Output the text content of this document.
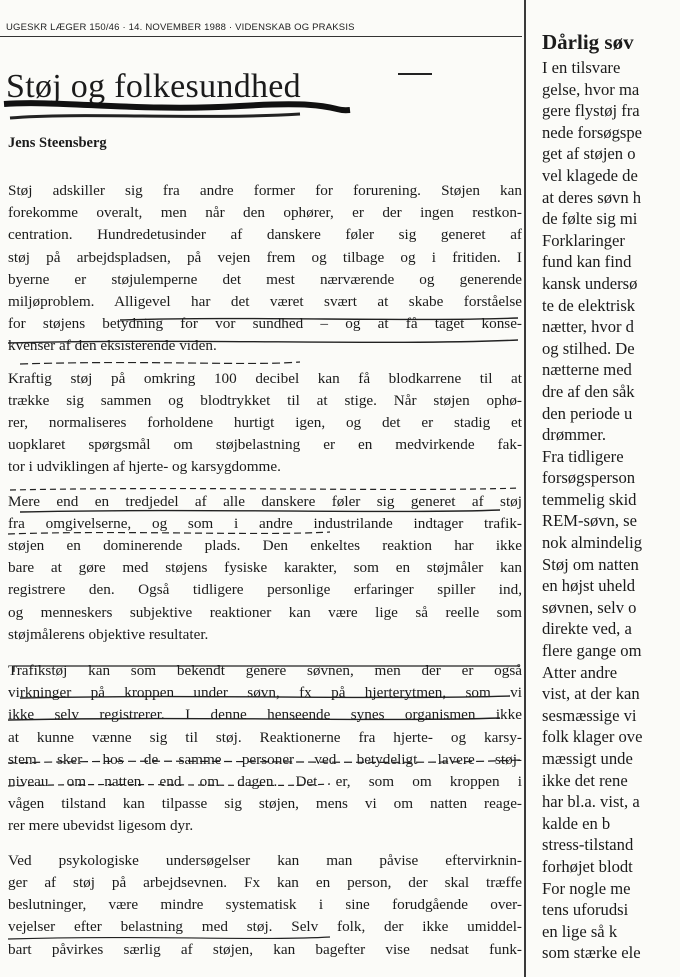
UGESKR LÆGER 150/46 · 14. NOVEMBER 1988 · VIDENSKAB OG PRAKSIS
Støj og folkesundhed
Jens Steensberg
Støj adskiller sig fra andre former for forurening. Støjen kan
forekomme overalt, men når den ophører, er der ingen restkon-
centration. Hundredetusinder af danskere føler sig generet af
støj på arbejdspladsen, på vejen frem og tilbage og i fritiden. I
byerne er støjulemperne det mest nærværende og generende
miljøproblem. Alligevel har det været svært at skabe forståelse
for støjens betydning for vor sundhed – og at få taget konse-
kvenser af den eksisterende viden.
Kraftig støj på omkring 100 decibel kan få blodkarrene til at
trække sig sammen og blodtrykket til at stige. Når støjen ophø-
rer, normaliseres forholdene hurtigt igen, og det er stadig et
uopklaret spørgsmål om støjbelastning er en medvirkende fak-
tor i udviklingen af hjerte- og karsygdomme.
Mere end en tredjedel af alle danskere føler sig generet af støj
fra omgivelserne, og som i andre industrilande indtager trafik-
støjen en dominerende plads. Den enkeltes reaktion har ikke
bare at gøre med støjens fysiske karakter, som en støjmåler kan
registrere den. Også tidligere personlige erfaringer spiller ind,
og menneskers subjektive reaktioner kan være lige så reelle som
støjmålerens objektive resultater.
Trafikstøj kan som bekendt genere søvnen, men der er også
virkninger på kroppen under søvn, fx på hjerterytmen, som vi
ikke selv registrerer. I denne henseende synes organismen ikke
at kunne vænne sig til støj. Reaktionerne fra hjerte- og karsy-
stem sker hos de samme personer ved betydeligt lavere støj-
niveau om natten end om dagen. Det er, som om kroppen i
vågen tilstand kan tilpasse sig støjen, mens vi om natten reage-
rer mere ubevidst ligesom dyr.
Ved psykologiske undersøgelser kan man påvise eftervirknin-
ger af støj på arbejdsevnen. Fx kan en person, der skal træffe
beslutninger, være mindre systematisk i sine forudgående over-
vejelser efter belastning med støj. Selv folk, der ikke umiddel-
bart påvirkes særlig af støjen, kan bagefter vise nedsat funk-
Dårlig søv
I en tilsvare
gelse, hvor ma
gere flystøj fra
nede forsøgspe
get af støjen o
vel klagede de
at deres søvn h
de følte sig mi
Forklaringer
fund kan find
kansk undersø
te de elektrisk
nætter, hvor d
og stilhed. De
nætterne med
dre af den såk
den periode u
drømmer.
Fra tidligere
forsøgsperson
temmelig skid
REM-søvn, se
nok almindelig
Støj om natten
en højst uheld
søvnen, selv o
direkte ved, a
flere gange om
Atter andre
vist, at der kan
sesmæssige vi
folk klager ove
mæssigt unde
ikke det rene
har bl.a. vist, a
kalde en b
stress-tilstand
forhøjet blodt
For nogle me
tens uforudsi
en lige så k
som stærke ele
